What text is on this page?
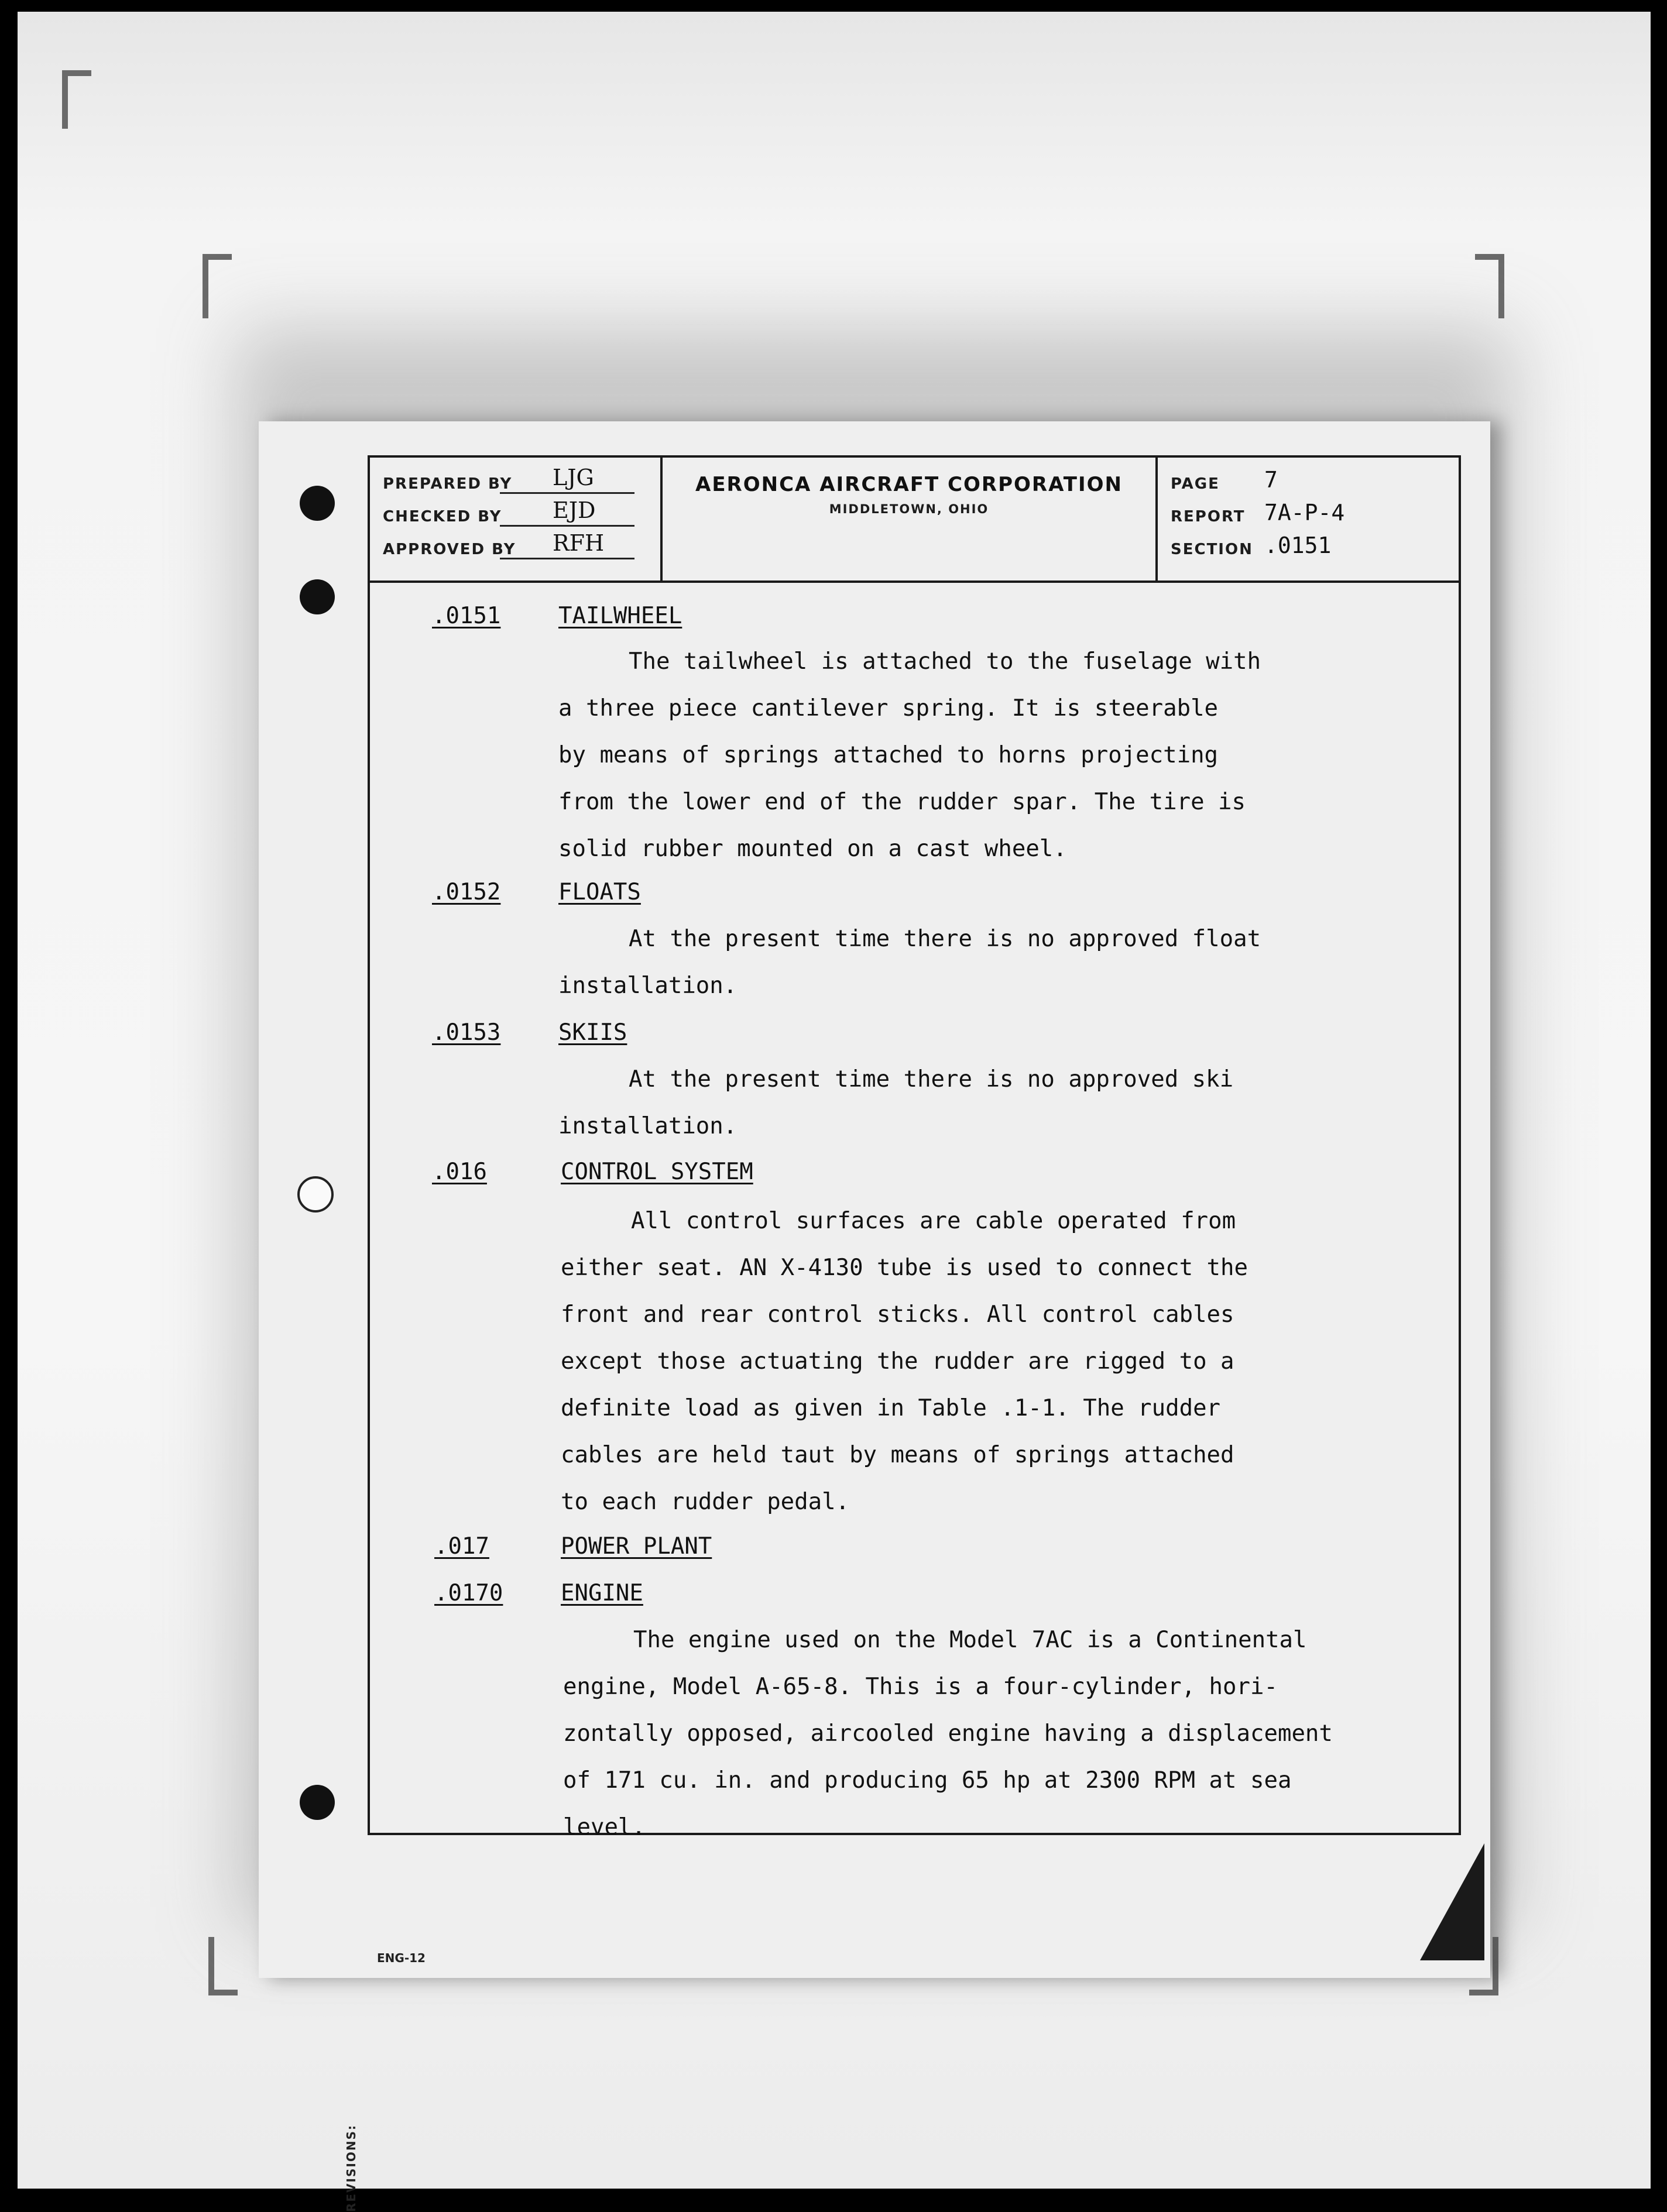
PREPARED BY LJG
CHECKED BY EJD
APPROVED BY RFH
AERONCA AIRCRAFT CORPORATION
MIDDLETOWN, OHIO
PAGE 7
REPORT 7A-P-4
SECTION .0151
.0151	TAILWHEEL
The tailwheel is attached to the fuselage with
a three piece cantilever spring. It is steerable
by means of springs attached to horns projecting
from the lower end of the rudder spar. The tire is
solid rubber mounted on a cast wheel.
.0152	FLOATS
At the present time there is no approved float
installation.
.0153	SKIIS
At the present time there is no approved ski
installation.
.016	CONTROL SYSTEM
All control surfaces are cable operated from
either seat. AN X-4130 tube is used to connect the
front and rear control sticks. All control cables
except those actuating the rudder are rigged to a
definite load as given in Table .1-1. The rudder
cables are held taut by means of springs attached
to each rudder pedal.
.017	POWER PLANT
.0170	ENGINE
The engine used on the Model 7AC is a Continental
engine, Model A-65-8. This is a four-cylinder, hori-
zontally opposed, aircooled engine having a displacement
of 171 cu. in. and producing 65 hp at 2300 RPM at sea
level.
REVISIONS:
ENG-12
